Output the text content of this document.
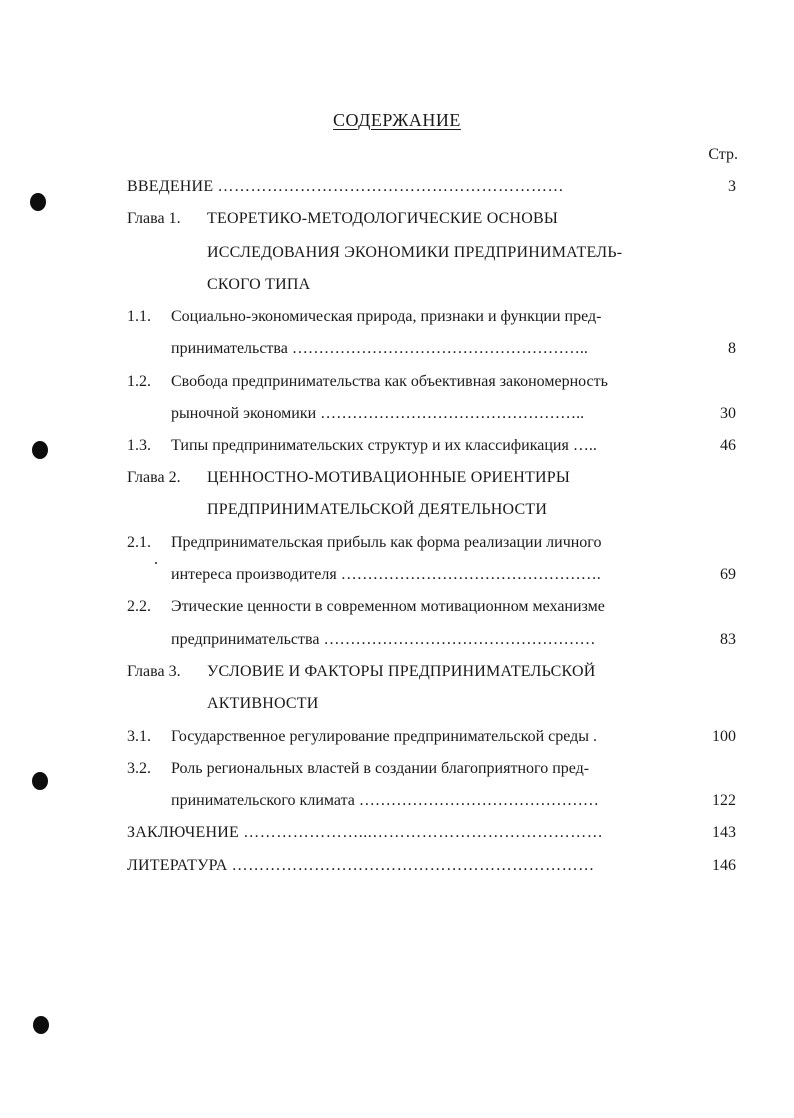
СОДЕРЖАНИЕ
Стр.
ВВЕДЕНИЕ ………………………………………………………	3
Глава 1. ТЕОРЕТИКО-МЕТОДОЛОГИЧЕСКИЕ ОСНОВЫ
ИССЛЕДОВАНИЯ ЭКОНОМИКИ ПРЕДПРИНИМАТЕЛЬ-
СКОГО ТИПА
1.1. Социально-экономическая природа, признаки и функции пред-
принимательства ………………………………………………..	8
1.2. Свобода предпринимательства как объективная закономерность
рыночной экономики …………………………………………..	30
1.3. Типы предпринимательских структур и их классификация …..	46
Глава 2. ЦЕННОСТНО-МОТИВАЦИОННЫЕ ОРИЕНТИРЫ
ПРЕДПРИНИМАТЕЛЬСКОЙ ДЕЯТЕЛЬНОСТИ
2.1. Предпринимательская прибыль как форма реализации личного
интереса производителя ………………………………………….	69
2.2. Этические ценности в современном мотивационном механизме
предпринимательства ……………………………………………	83
Глава 3. УСЛОВИЕ И ФАКТОРЫ ПРЕДПРИНИМАТЕЛЬСКОЙ
АКТИВНОСТИ
3.1. Государственное регулирование предпринимательской среды .	100
3.2. Роль региональных властей в создании благоприятного пред-
принимательского климата ………………………………………	122
ЗАКЛЮЧЕНИЕ …………………...……………………………………	143
ЛИТЕРАТУРА …………………………………………………………	146
